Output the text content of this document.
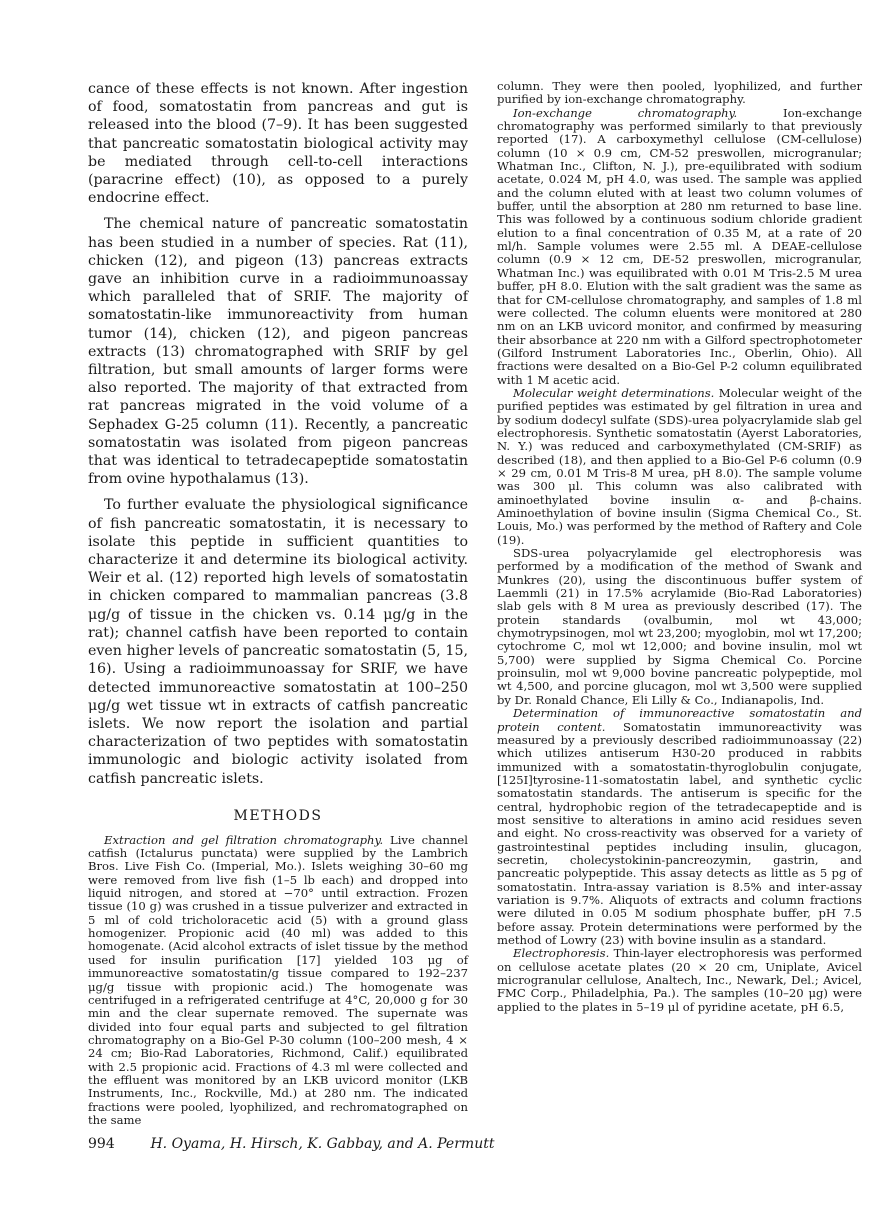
cance of these effects is not known. After ingestion of food, somatostatin from pancreas and gut is released into the blood (7–9). It has been suggested that pancreatic somatostatin biological activity may be mediated through cell-to-cell interactions (paracrine effect) (10), as opposed to a purely endocrine effect.

The chemical nature of pancreatic somatostatin has been studied in a number of species. Rat (11), chicken (12), and pigeon (13) pancreas extracts gave an inhibition curve in a radioimmunoassay which paralleled that of SRIF. The majority of somatostatin-like immunoreactivity from human tumor (14), chicken (12), and pigeon pancreas extracts (13) chromatographed with SRIF by gel filtration, but small amounts of larger forms were also reported. The majority of that extracted from rat pancreas migrated in the void volume of a Sephadex G-25 column (11). Recently, a pancreatic somatostatin was isolated from pigeon pancreas that was identical to tetradecapeptide somatostatin from ovine hypothalamus (13).

To further evaluate the physiological significance of fish pancreatic somatostatin, it is necessary to isolate this peptide in sufficient quantities to characterize it and determine its biological activity. Weir et al. (12) reported high levels of somatostatin in chicken compared to mammalian pancreas (3.8 μg/g of tissue in the chicken vs. 0.14 μg/g in the rat); channel catfish have been reported to contain even higher levels of pancreatic somatostatin (5, 15, 16). Using a radioimmunoassay for SRIF, we have detected immunoreactive somatostatin at 100–250 μg/g wet tissue wt in extracts of catfish pancreatic islets. We now report the isolation and partial characterization of two peptides with somatostatin immunologic and biologic activity isolated from catfish pancreatic islets.

METHODS

Extraction and gel filtration chromatography. Live channel catfish (Ictalurus punctata) were supplied by the Lambrich Bros. Live Fish Co. (Imperial, Mo.). Islets weighing 30–60 mg were removed from live fish (1–5 lb each) and dropped into liquid nitrogen, and stored at −70° until extraction. Frozen tissue (10 g) was crushed in a tissue pulverizer and extracted in 5 ml of cold tricholoracetic acid (5) with a ground glass homogenizer. Propionic acid (40 ml) was added to this homogenate. (Acid alcohol extracts of islet tissue by the method used for insulin purification [17] yielded 103 μg of immunoreactive somatostatin/g tissue compared to 192–237 μg/g tissue with propionic acid.) The homogenate was centrifuged in a refrigerated centrifuge at 4°C, 20,000 g for 30 min and the clear supernate removed. The supernate was divided into four equal parts and subjected to gel filtration chromatography on a Bio-Gel P-30 column (100–200 mesh, 4 × 24 cm; Bio-Rad Laboratories, Richmond, Calif.) equilibrated with 2.5 propionic acid. Fractions of 4.3 ml were collected and the effluent was monitored by an LKB uvicord monitor (LKB Instruments, Inc., Rockville, Md.) at 280 nm. The indicated fractions were pooled, lyophilized, and rechromatographed on the same

column. They were then pooled, lyophilized, and further purified by ion-exchange chromatography.

Ion-exchange chromatography. Ion-exchange chromatography was performed similarly to that previously reported (17). A carboxymethyl cellulose (CM-cellulose) column (10 × 0.9 cm, CM-52 preswollen, microgranular; Whatman Inc., Clifton, N. J.), pre-equilibrated with sodium acetate, 0.024 M, pH 4.0, was used. The sample was applied and the column eluted with at least two column volumes of buffer, until the absorption at 280 nm returned to base line. This was followed by a continuous sodium chloride gradient elution to a final concentration of 0.35 M, at a rate of 20 ml/h. Sample volumes were 2.55 ml. A DEAE-cellulose column (0.9 × 12 cm, DE-52 preswollen, microgranular, Whatman Inc.) was equilibrated with 0.01 M Tris-2.5 M urea buffer, pH 8.0. Elution with the salt gradient was the same as that for CM-cellulose chromatography, and samples of 1.8 ml were collected. The column eluents were monitored at 280 nm on an LKB uvicord monitor, and confirmed by measuring their absorbance at 220 nm with a Gilford spectrophotometer (Gilford Instrument Laboratories Inc., Oberlin, Ohio). All fractions were desalted on a Bio-Gel P-2 column equilibrated with 1 M acetic acid.

Molecular weight determinations. Molecular weight of the purified peptides was estimated by gel filtration in urea and by sodium dodecyl sulfate (SDS)-urea polyacrylamide slab gel electrophoresis. Synthetic somatostatin (Ayerst Laboratories, N. Y.) was reduced and carboxymethylated (CM-SRIF) as described (18), and then applied to a Bio-Gel P-6 column (0.9 × 29 cm, 0.01 M Tris-8 M urea, pH 8.0). The sample volume was 300 μl. This column was also calibrated with aminoethylated bovine insulin α- and β-chains. Aminoethylation of bovine insulin (Sigma Chemical Co., St. Louis, Mo.) was performed by the method of Raftery and Cole (19).

SDS-urea polyacrylamide gel electrophoresis was performed by a modification of the method of Swank and Munkres (20), using the discontinuous buffer system of Laemmli (21) in 17.5% acrylamide (Bio-Rad Laboratories) slab gels with 8 M urea as previously described (17). The protein standards (ovalbumin, mol wt 43,000; chymotrypsinogen, mol wt 23,200; myoglobin, mol wt 17,200; cytochrome C, mol wt 12,000; and bovine insulin, mol wt 5,700) were supplied by Sigma Chemical Co. Porcine proinsulin, mol wt 9,000 bovine pancreatic polypeptide, mol wt 4,500, and porcine glucagon, mol wt 3,500 were supplied by Dr. Ronald Chance, Eli Lilly & Co., Indianapolis, Ind.

Determination of immunoreactive somatostatin and protein content. Somatostatin immunoreactivity was measured by a previously described radioimmunoassay (22) which utilizes antiserum H30-20 produced in rabbits immunized with a somatostatin-thyroglobulin conjugate, [125I]tyrosine-11-somatostatin label, and synthetic cyclic somatostatin standards. The antiserum is specific for the central, hydrophobic region of the tetradecapeptide and is most sensitive to alterations in amino acid residues seven and eight. No cross-reactivity was observed for a variety of gastrointestinal peptides including insulin, glucagon, secretin, cholecystokinin-pancreozymin, gastrin, and pancreatic polypeptide. This assay detects as little as 5 pg of somatostatin. Intra-assay variation is 8.5% and inter-assay variation is 9.7%. Aliquots of extracts and column fractions were diluted in 0.05 M sodium phosphate buffer, pH 7.5 before assay. Protein determinations were performed by the method of Lowry (23) with bovine insulin as a standard.

Electrophoresis. Thin-layer electrophoresis was performed on cellulose acetate plates (20 × 20 cm, Uniplate, Avicel microgranular cellulose, Analtech, Inc., Newark, Del.; Avicel, FMC Corp., Philadelphia, Pa.). The samples (10–20 μg) were applied to the plates in 5–19 μl of pyridine acetate, pH 6.5,

994	H. Oyama, H. Hirsch, K. Gabbay, and A. Permutt
